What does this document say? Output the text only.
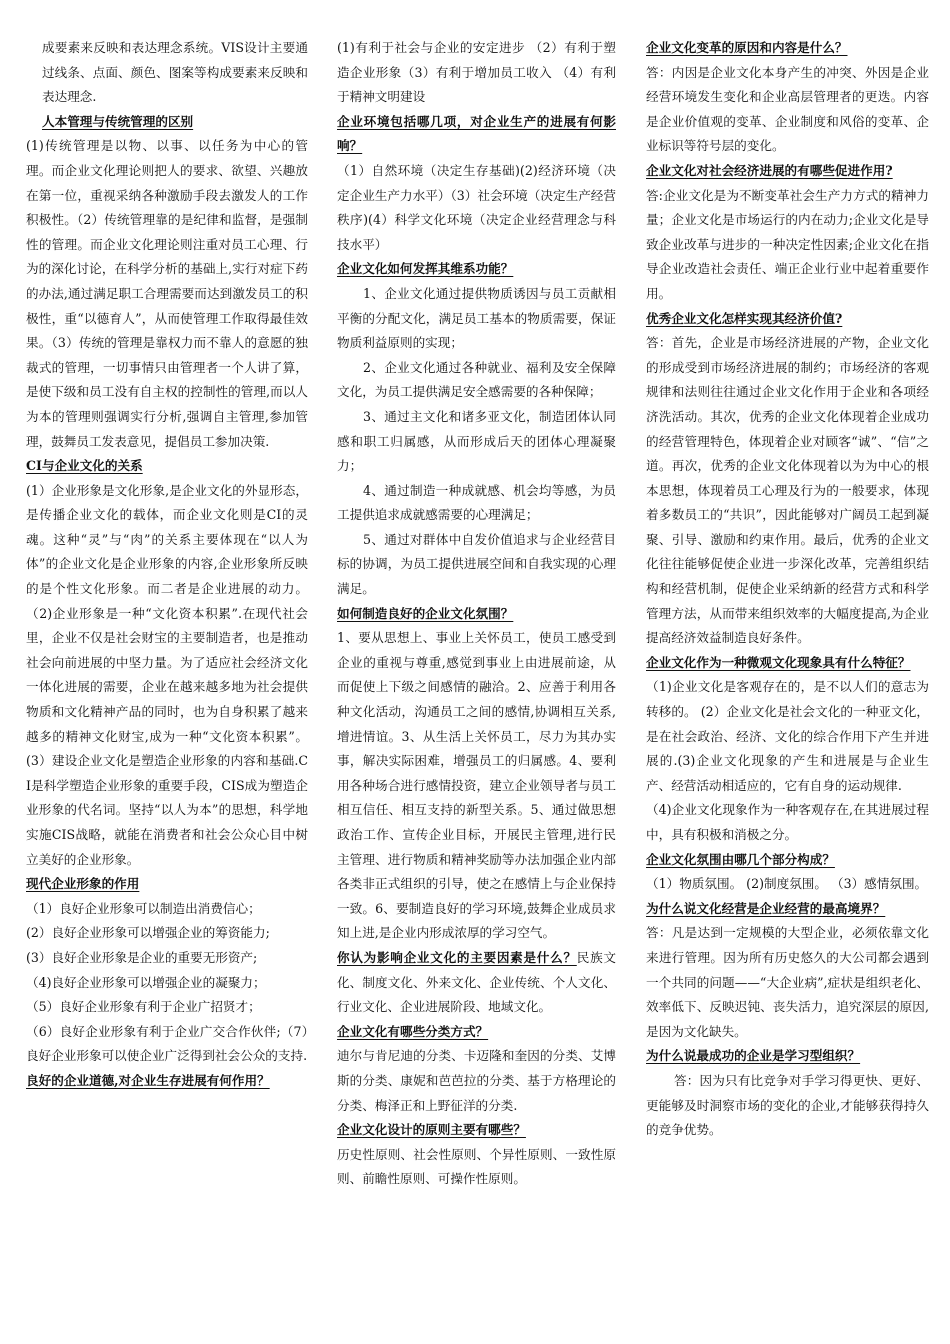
成要素来反映和表达理念系统。VIS设计主要通过线条、点面、颜色、图案等构成要素来反映和表达理念.

人本管理与传统管理的区别

(1)传统管理是以物、以事、以任务为中心的管理。而企业文化理论则把人的要求、欲望、兴趣放在第一位，重视采纳各种激励手段去激发人的工作积极性。（2）传统管理靠的是纪律和监督，是强制性的管理。而企业文化理论则注重对员工心理、行为的深化讨论，在科学分析的基础上,实行对症下药的办法,通过满足职工合理需要而达到激发员工的积极性，重“以德育人”，从而使管理工作取得最佳效果。（3）传统的管理是靠权力而不靠人的意愿的独裁式的管理，一切事情只由管理者一个人讲了算，是使下级和员工没有自主权的控制性的管理,而以人为本的管理则强调实行分析,强调自主管理,参加管理，鼓舞员工发表意见，提倡员工参加决策.

CI与企业文化的关系

(1）企业形象是文化形象,是企业文化的外显形态，是传播企业文化的载体，而企业文化则是CI的灵魂。这种“灵”与“肉”的关系主要体现在“以人为体”的企业文化是企业形象的内容,企业形象所反映的是个性文化形象。而二者是企业进展的动力。（2)企业形象是一种“文化资本积累”.在现代社会里，企业不仅是社会财宝的主要制造者，也是推动社会向前进展的中坚力量。为了适应社会经济文化一体化进展的需要，企业在越来越多地为社会提供物质和文化精神产品的同时，也为自身积累了越来越多的精神文化财宝,成为一种“文化资本积累”。(3）建设企业文化是塑造企业形象的内容和基础.CI是科学塑造企业形象的重要手段，CIS成为塑造企业形象的代名词。坚持“以人为本”的思想，科学地实施CIS战略，就能在消费者和社会公众心目中树立美好的企业形象。

现代企业形象的作用

（1）良好企业形象可以制造出消费信心；

(2）良好企业形象可以增强企业的筹资能力;

(3）良好企业形象是企业的重要无形资产;

（4)良好企业形象可以增强企业的凝聚力；

（5）良好企业形象有利于企业广招贤才；

（6）良好企业形象有利于企业广交合作伙伴;（7）良好企业形象可以使企业广泛得到社会公众的支持.

良好的企业道德,对企业生存进展有何作用？

(1)有利于社会与企业的安定进步 （2）有利于塑造企业形象（3）有利于增加员工收入 （4）有利于精神文明建设

企业环境包括哪几项，对企业生产的进展有何影响？

（1）自然环境（决定生存基础)(2)经济环境（决定企业生产力水平）（3）社会环境（决定生产经营秩序)(4）科学文化环境（决定企业经营理念与科技水平）

企业文化如何发挥其维系功能？

1、企业文化通过提供物质诱因与员工贡献相平衡的分配文化，满足员工基本的物质需要，保证物质利益原则的实现；

2、企业文化通过各种就业、福利及安全保障文化，为员工提供满足安全感需要的各种保障；

3、通过主文化和诸多亚文化，制造团体认同感和职工归属感，从而形成后天的团体心理凝聚力；

4、通过制造一种成就感、机会均等感，为员工提供追求成就感需要的心理满足；

5、通过对群体中自发价值追求与企业经营目标的协调，为员工提供进展空间和自我实现的心理满足。

如何制造良好的企业文化氛围？

1、要从思想上、事业上关怀员工，使员工感受到企业的重视与尊重,感觉到事业上由进展前途，从而促使上下级之间感情的融洽。2、应善于利用各种文化活动，沟通员工之间的感情,协调相互关系,增进情谊。3、从生活上关怀员工，尽力为其办实事，解决实际困难，增强员工的归属感。4、要利用各种场合进行感情投资，建立企业领导者与员工相互信任、相互支持的新型关系。5、通过做思想政治工作、宣传企业目标，开展民主管理,进行民主管理、进行物质和精神奖励等办法加强企业内部各类非正式组织的引导，使之在感情上与企业保持一致。6、要制造良好的学习环境,鼓舞企业成员求知上进,是企业内形成浓厚的学习空气。

你认为影响企业文化的主要因素是什么？民族文化、制度文化、外来文化、企业传统、个人文化、行业文化、企业进展阶段、地域文化。

企业文化有哪些分类方式？

迪尔与肯尼迪的分类、卡迈隆和奎因的分类、艾博斯的分类、康妮和芭芭拉的分类、基于方格理论的分类、梅泽正和上野征洋的分类.

企业文化设计的原则主要有哪些？

历史性原则、社会性原则、个异性原则、一致性原则、前瞻性原则、可操作性原则。

企业文化变革的原因和内容是什么？

答：内因是企业文化本身产生的冲突、外因是企业经营环境发生变化和企业高层管理者的更迭。内容是企业价值观的变革、企业制度和风俗的变革、企业标识等符号层的变化。

企业文化对社会经济进展的有哪些促进作用?

答:企业文化是为不断变革社会生产力方式的精神力量；企业文化是市场运行的内在动力;企业文化是导致企业改革与进步的一种决定性因素;企业文化在指导企业改造社会责任、端正企业行业中起着重要作用。

优秀企业文化怎样实现其经济价值?

答：首先，企业是市场经济进展的产物，企业文化的形成受到市场经济进展的制约；市场经济的客观规律和法则往往通过企业文化作用于企业和各项经济洗活动。其次，优秀的企业文化体现着企业成功的经营管理特色，体现着企业对顾客“诚”、“信”之道。再次，优秀的企业文化体现着以为为中心的根本思想，体现着员工心理及行为的一般要求，体现着多数员工的“共识”，因此能够对广阔员工起到凝聚、引导、激励和约束作用。最后，优秀的企业文化往往能够促使企业进一步深化改革，完善组织结构和经营机制，促使企业采纳新的经营方式和科学管理方法，从而带来组织效率的大幅度提高,为企业提高经济效益制造良好条件。

企业文化作为一种微观文化现象具有什么特征？

（1)企业文化是客观存在的，是不以人们的意志为转移的。 (2）企业文化是社会文化的一种亚文化，是在社会政治、经济、文化的综合作用下产生并进展的.(3)企业文化现象的产生和进展是与企业生产、经营活动相适应的，它有自身的运动规律.

（4)企业文化现象作为一种客观存在,在其进展过程中，具有积极和消极之分。

企业文化氛围由哪几个部分构成？

（1）物质氛围。 (2)制度氛围。 （3）感情氛围。

为什么说文化经营是企业经营的最高境界？

答：凡是达到一定规模的大型企业，必须依靠文化来进行管理。因为所有历史悠久的大公司都会遇到一个共同的问题——“大企业病”,症状是组织老化、效率低下、反映迟钝、丧失活力，追究深层的原因,是因为文化缺失。

为什么说最成功的企业是学习型组织？

答：因为只有比竞争对手学习得更快、更好、更能够及时洞察市场的变化的企业,才能够获得持久的竞争优势。
